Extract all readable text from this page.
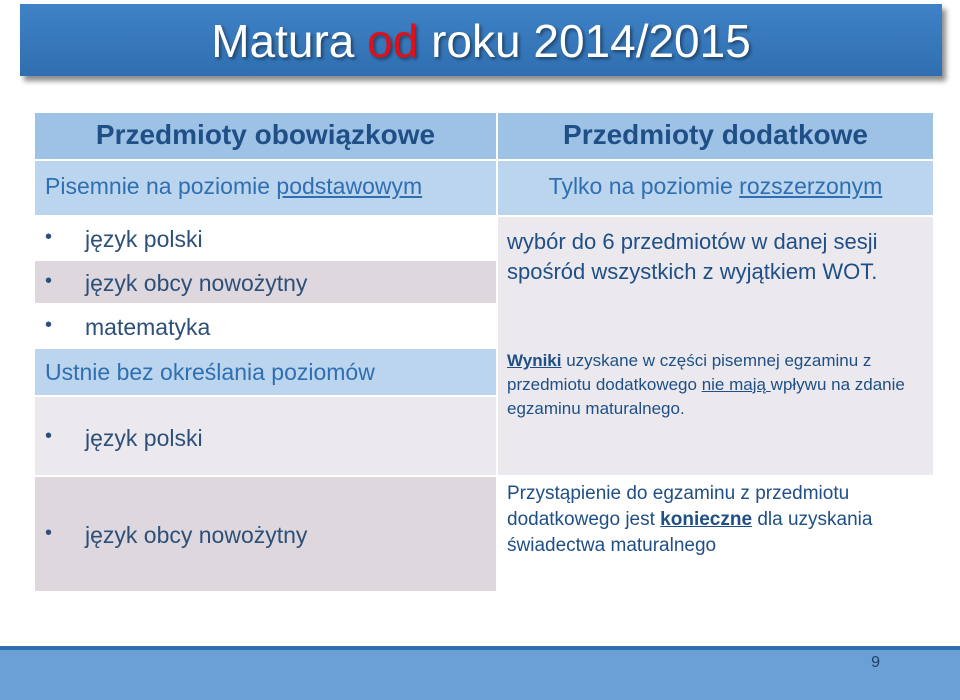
Matura od roku 2014/2015
Przedmioty obowiązkowe
Pisemnie na poziomie podstawowym
• język polski
• język obcy nowożytny
• matematyka
Ustnie bez określania poziomów
• język polski
• język obcy nowożytny
Przedmioty dodatkowe
Tylko na poziomie rozszerzonym
wybór do 6 przedmiotów w danej sesji spośród wszystkich z wyjątkiem WOT.
Wyniki uzyskane w części pisemnej egzaminu z przedmiotu dodatkowego nie mają wpływu na zdanie egzaminu maturalnego.
Przystąpienie do egzaminu z przedmiotu dodatkowego jest konieczne dla uzyskania świadectwa maturalnego
9
